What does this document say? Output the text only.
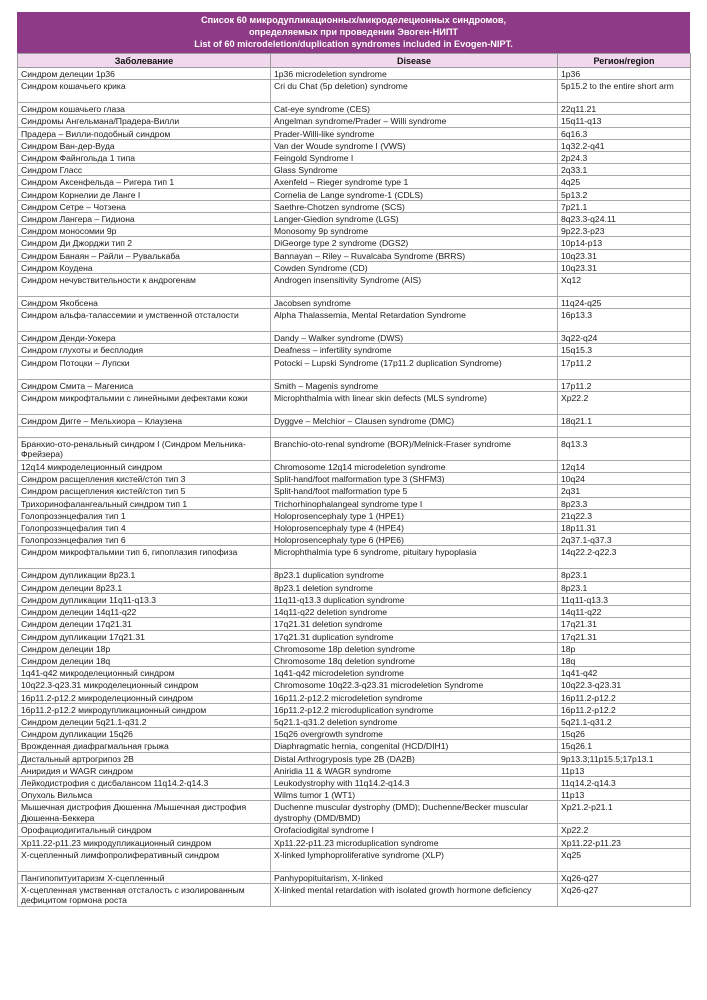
Список 60 микродупликационных/микроделеционных синдромов,
определяемых при проведении Эвоген-НИПТ
List of 60 microdeletion/duplication syndromes included in Evogen-NIPT.
Заболевание	Disease	Регион/region
Синдром делеции 1p36	1p36 microdeletion syndrome	1p36
Синдром кошачьего крика	Cri du Chat (5p deletion) syndrome	5p15.2 to the entire short arm
Синдром кошачьего глаза	Cat-eye syndrome (CES)	22q11.21
Синдромы Ангельмана/Прадера-Вилли	Angelman syndrome/Prader – Willi syndrome	15q11-q13
Прадера – Вилли-подобный синдром	Prader-Willi-like syndrome	6q16.3
Синдром Ван-дер-Вуда	Van der Woude syndrome I (VWS)	1q32.2-q41
Синдром Файнгольда 1 типа	Feingold Syndrome I	2p24.3
Синдром Гласс	Glass Syndrome	2q33.1
Синдром Аксенфельда – Ригера тип 1	Axenfeld – Rieger syndrome type 1	4q25
Синдром Корнелии де Ланге I	Cornelia de Lange syndrome-1 (CDLS)	5p13.2
Синдром Сетре – Чотзена	Saethre-Chotzen syndrome (SCS)	7p21.1
Синдром Лангера – Гидиона	Langer-Giedion syndrome (LGS)	8q23.3-q24.11
Синдром моносомии 9p	Monosomy 9p syndrome	9p22.3-p23
Синдром Ди Джорджи тип 2	DiGeorge type 2 syndrome (DGS2)	10p14-p13
Синдром Банаян – Райли – Рувалькаба	Bannayan – Riley – Ruvalcaba Syndrome (BRRS)	10q23.31
Синдром Коудена	Cowden Syndrome (CD)	10q23.31
Синдром нечувствительности к андрогенам	Androgen insensitivity Syndrome (AIS)	Xq12
Синдром Якобсена	Jacobsen syndrome	11q24-q25
Синдром альфа-талассемии и умственной отсталости	Alpha Thalassemia, Mental Retardation Syndrome	16p13.3
Синдром Денди-Уокера	Dandy – Walker syndrome (DWS)	3q22-q24
Синдром глухоты и бесплодия	Deafness – infertility syndrome	15q15.3
Синдром Потоцки – Лупски	Potocki – Lupski Syndrome (17p11.2 duplication Syndrome)	17p11.2
Синдром Смита – Магениса	Smith – Magenis syndrome	17p11.2
Синдром микрофтальмии с линейными дефектами кожи	Microphthalmia with linear skin defects (MLS syndrome)	Xp22.2
Синдром Дигге – Мельхиора – Клаузена	Dyggve – Melchior – Clausen syndrome (DMC)	18q21.1

Бранхио-ото-ренальный синдром I (Синдром Мельника-Фрейзера)	Branchio-oto-renal syndrome (BOR)/Melnick-Fraser syndrome	8q13.3
12q14 микроделеционный синдром	Chromosome 12q14 microdeletion syndrome	12q14
Синдром расщепления кистей/стоп тип 3	Split-hand/foot malformation type 3 (SHFM3)	10q24
Синдром расщепления кистей/стоп тип 5	Split-hand/foot malformation type 5	2q31
Трихоринофалангеальный синдром тип 1	Trichorhinophalangeal syndrome type I	8p23.3
Голопрозэнцефалия тип 1	Holoprosencephaly type 1 (HPE1)	21q22.3
Голопрозэнцефалия тип 4	Holoprosencephaly type 4 (HPE4)	18p11.31
Голопрозэнцефалия тип 6	Holoprosencephaly type 6 (HPE6)	2q37.1-q37.3
Синдром микрофтальмии тип 6, гипоплазия гипофиза	Microphthalmia type 6 syndrome, pituitary hypoplasia	14q22.2-q22.3
Синдром дупликации 8p23.1	8p23.1 duplication syndrome	8p23.1
Синдром делеции 8p23.1	8p23.1 deletion syndrome	8p23.1
Синдром дупликации 11q11-q13.3	11q11-q13.3 duplication syndrome	11q11-q13.3
Синдром делеции 14q11-q22	14q11-q22 deletion syndrome	14q11-q22
Синдром делеции 17q21.31	17q21.31 deletion syndrome	17q21.31
Синдром дупликации 17q21.31	17q21.31 duplication syndrome	17q21.31
Синдром делеции 18p	Chromosome 18p deletion syndrome	18p
Синдром делеции 18q	Chromosome 18q deletion syndrome	18q
1q41-q42 микроделеционный синдром	1q41-q42 microdeletion syndrome	1q41-q42
10q22.3-q23.31 микроделеционный синдром	Chromosome 10q22.3-q23.31 microdeletion Syndrome	10q22.3-q23.31
16p11.2-p12.2 микроделеционный синдром	16p11.2-p12.2 microdeletion syndrome	16p11.2-p12.2
16p11.2-p12.2 микродупликационный синдром	16p11.2-p12.2 microduplication syndrome	16p11.2-p12.2
Синдром делеции 5q21.1-q31.2	5q21.1-q31.2 deletion syndrome	5q21.1-q31.2
Синдром дупликации 15q26	15q26 overgrowth syndrome	15q26
Врожденная диафрагмальная грыжа	Diaphragmatic hernia, congenital (HCD/DIH1)	15q26.1
Дистальный артрогрипоз 2B	Distal Arthrogryposis type 2B (DA2B)	9p13.3;11p15.5;17p13.1
Аниридия и WAGR синдром	Aniridia 11 & WAGR syndrome	11p13
Лейкодистрофия с дисбалансом 11q14.2-q14.3	Leukodystrophy with 11q14.2-q14.3	11q14.2-q14.3
Опухоль Вильмса	Wilms tumor 1 (WT1)	11p13
Мышечная дистрофия Дюшенна /Мышечная дистрофия Дюшенна-Беккера	Duchenne muscular dystrophy (DMD); Duchenne/Becker muscular dystrophy (DMD/BMD)	Xp21.2-p21.1
Орофациодигитальный синдром	Orofaciodigital syndrome I	Xp22.2
Xp11.22-p11.23 микродупликационный синдром	Xp11.22-p11.23 microduplication syndrome	Xp11.22-p11.23
X-сцепленный лимфопролиферативный синдром	X-linked lymphoproliferative syndrome (XLP)	Xq25
Пангипопитуитаризм X-сцепленный	Panhypopituitarism, X-linked	Xq26-q27
X-сцепленная умственная отсталость с изолированным дефицитом гормона роста	X-linked mental retardation with isolated growth hormone deficiency	Xq26-q27
